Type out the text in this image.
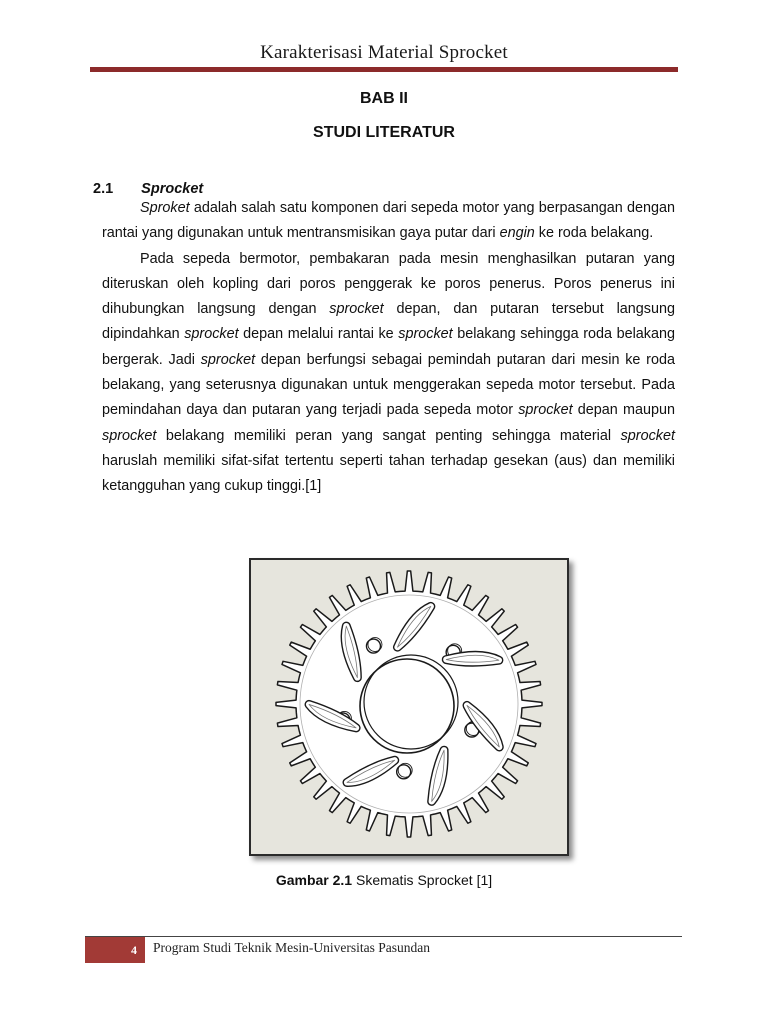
Karakterisasi Material Sprocket
BAB II
STUDI LITERATUR
2.1 Sprocket

Sproket adalah salah satu komponen dari sepeda motor yang berpasangan dengan rantai yang digunakan untuk mentransmisikan gaya putar dari engin ke roda belakang.

Pada sepeda bermotor, pembakaran pada mesin menghasilkan putaran yang diteruskan oleh kopling dari poros penggerak ke poros penerus. Poros penerus ini dihubungkan langsung dengan sprocket depan, dan putaran tersebut langsung dipindahkan sprocket depan melalui rantai ke sprocket belakang sehingga roda belakang bergerak. Jadi sprocket depan berfungsi sebagai pemindah putaran dari mesin ke roda belakang, yang seterusnya digunakan untuk menggerakan sepeda motor tersebut. Pada pemindahan daya dan putaran yang terjadi pada sepeda motor sprocket depan maupun sprocket belakang memiliki peran yang sangat penting sehingga material sprocket haruslah memiliki sifat-sifat tertentu seperti tahan terhadap gesekan (aus) dan memiliki ketangguhan yang cukup tinggi.[1]

Gambar 2.1 Skematis Sprocket [1]
4	Program Studi Teknik Mesin-Universitas Pasundan
